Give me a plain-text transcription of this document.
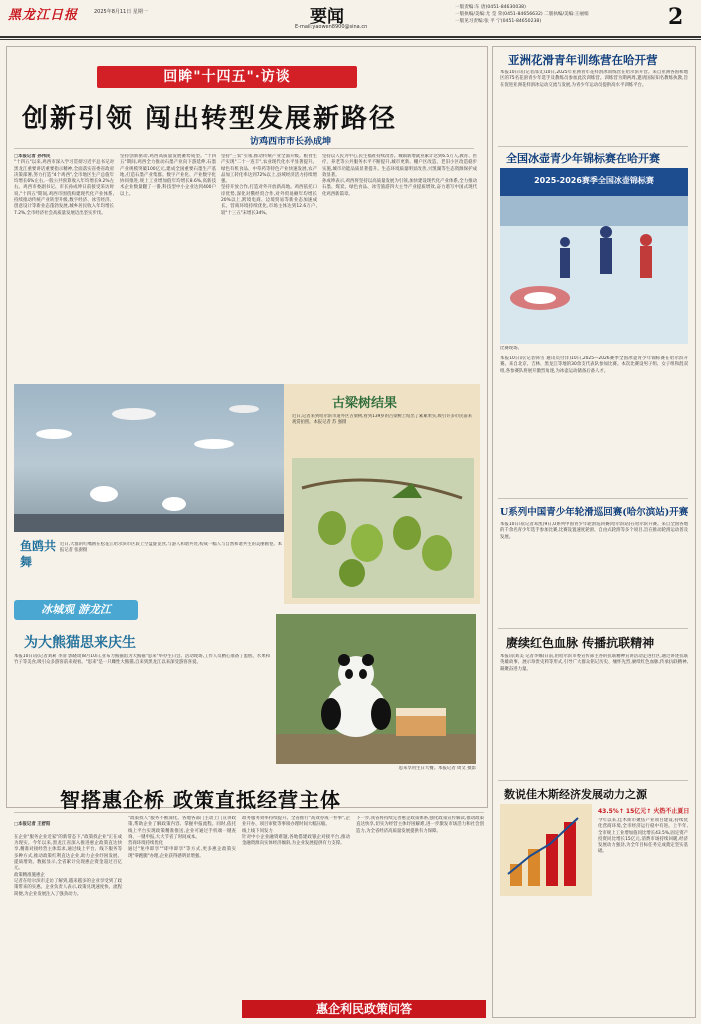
黑龙江日报	2025年8月11日 星期一	要闻
E-mail:yaowen8900@sina.cn
一版责编:车 唐(0451-84630038)
一版执编/美编:尤 莹 荣(0451-84656632) 二版执编/美编:王丽娟
一版见习责编:张 平 宁(0451-84650238)	2
回眸"十四五"·访谈
创新引领 闯出转型发展新路径
访鸡西市市长孙成坤
□本报记者 孙伟民
"十四五"以来,鸡西市深入学习贯彻习近平总书记对黑龙江重要讲话重要指示精神,全面落实省委省政府决策部署,努力打造"4个鸡西",全市地区生产总值年均增长6%左右,一般公共预算收入年均增长9.2%左右。鸡西市委副书记、市长孙成坤日前接受采访时说,"十四五"期间,鸡西市围绕构建现代化产业体系,持续推动传统产业转型升级,数字经济、冰雪经济、创意设计等新业态蓬勃发展,城乡居民收入年均增长7.2%,全市经济社会高质量发展迈出坚实步伐。
坚持创新驱动,鸡西高质量发展蓄势成型。"十四五"期间,鸡西全力推动石墨产业向下游延伸,石墨产业规模突破100亿元,建成全国重要石墨生产基地,打造石墨产业集群。数字产业化、产业数字化协同推进,规上工业增加值年均增长8.6%,高新技术企业数量翻了一番,科技型中小企业达到400户以上。
坚持"三农"引领,推动传统产业全面升级。粮食生产实现"二十一连丰",农业现代化水平显著提升。绿色有机食品、中草药等特色产业快速发展,农产品加工转化率达到72%以上,县域经济活力持续增强。
坚持开放合作,打造对外开放新高地。鸡西依托口岸优势,深化对俄经贸合作,对外贸易额年均增长20%以上,跨境电商、边境贸易等新业态加速成长。营商环境持续优化,市场主体达到12.6万户,较"十三五"末增长34%。
坚持以人民为中心,民生福祉持续改善。城镇新增就业累计达到6.5万人,教育、医疗、养老等公共服务水平不断提升,城市更新、棚户区改造、老旧小区改造稳步实施,城市功能品质显著提升。生态环境质量明显改善,兴凯湖等生态资源保护成效显著。
孙成坤表示,鸡西将坚持以高质量发展为引领,加快建设现代化产业体系,全力推动石墨、煤炭、绿色食品、冰雪旅游四大主导产业提质增效,奋力谱写中国式现代化鸡西新篇章。
古梁树结果
近日,记者来到哈尔滨市道外区古梁树,看到139岁的古梁树上结出了累累果实,吸引许多市民前来观赏拍照。本报记者 苏 强摄
鱼鸥共舞
近日,大群的红嘴鸥在松花江哈尔滨市区段上空盘旋觅食,与游人和谐共处,构成一幅人与自然和谐共生的美丽画卷。本报记者 张澍摄
冰城观 游龙江
为大熊猫思来庆生
本报10日讯(记者刘莉 李清 郭晓琦)8月10日,亚布力熊猫馆为大熊猫"思来"举办生日会。活动现场,工作人员精心准备了蛋糕、水果和竹子等美食,吸引众多游客前来观看。"思来"是一只雌性大熊猫,自来到黑龙江以来深受游客喜爱。
思来享用生日大餐。本报记者 周文 摄影
智搭惠企桥 政策直抵经营主体

□本报记者 王舒阳

在企业"服务企业近家"的新常态下,"政策找企业"正在成为现实。今年以来,黑龙江省深入推进惠企政策直达快享,精准对接经营主体需求,通过线上平台、线下服务等多种方式,推动政策红利直达企业,助力企业纾困发展、提质增效。数据显示,全省累计兑现惠企资金超过百亿元。
政策精准施惠企
记者在哈尔滨市走访了解到,越来越多的企业享受到了政策带来的实惠。企业负责人表示,政策兑现速度快、流程简便,为企业发展注入了强劲动力。

"政策找人"服务不断深化。各地各部门主动上门宣讲政策,帮助企业了解政策内容、掌握申报流程。同时,依托线上平台实现政策精准推送,企业可通过手机端一键查询、一键申报,大大节省了时间成本。
营商环境持续优化
通过"免申即享""即申即享"等方式,更多惠企政策实现"零跑腿"办理,企业获得感明显增强。
政务服务效率持续提升。全省推行"高效办成一件事",企业开办、项目审批等事项办理时间大幅压缩。
线上线下同发力
针对中小企业融资难题,各地搭建政银企对接平台,推动金融资源向实体经济倾斜,为企业发展提供有力支撑。
下一步,我省将持续完善惠企政策体系,强化政策宣传解读,推动政策直达快享,切实为经营主体纾困解难,进一步激发市场活力和社会创造力,为全省经济高质量发展提供有力保障。
惠企利民政策问答
亚洲花滑青年训练营在哈开营
本报10日讯(记者邵文)10日,2025年亚洲青年花样滑冰训练营在哈尔滨开营。来自亚洲各国和地区的75名花滑青少年选手及教练员参加此次训练营。训练营为期两周,邀请国际知名教练执教,旨在促进亚洲花样滑冰运动交流与发展,为青少年运动员提供高水平训练平台。
全国冰壶青少年锦标赛在哈开赛
2025-2026赛季全国冰壶锦标赛
比赛现场。
本报10日讯(记者韩雪 通讯员付洋)10日,2025—2026赛季全国冰壶青少年锦标赛在哈尔滨开赛。来自北京、吉林、黑龙江等地的30余支代表队参加比赛。本次比赛设男子组、女子组和混双组,各参赛队将展开激烈角逐,为冰壶运动储备后备人才。
U系列中国青少年轮滑巡回赛(哈尔滨站)开赛
本报10日讯(记者邓凯)9日,U系列中国青少年轮滑巡回赛(哈尔滨站)在哈尔滨开赛。来自全国各地的千余名青少年选手参加比赛,比赛设置速度轮滑、自由式轮滑等多个项目,旨在推动轮滑运动普及发展。
赓续红色血脉 传播抗联精神
本报讯(刘美 记者李娜)日前,由哈尔滨市委宣传部主办的抗联精神宣讲活动走进社区,通过讲述抗联英雄故事、展示珍贵史料等形式,引导广大群众铭记历史、缅怀先烈,赓续红色血脉,传承抗联精神,凝聚奋进力量。
数说佳木斯经济发展动力之源
43.5%↑ 15亿元↑ 火热不止夏日
今年以来,佳木斯市聚焦产业项目建设,持续优化营商环境,全市经济运行稳中有进。上半年,全市规上工业增加值同比增长43.5%,固定资产投资同比增长15亿元,消费市场持续回暖,经济发展动力强劲,为全年目标任务完成奠定坚实基础。
